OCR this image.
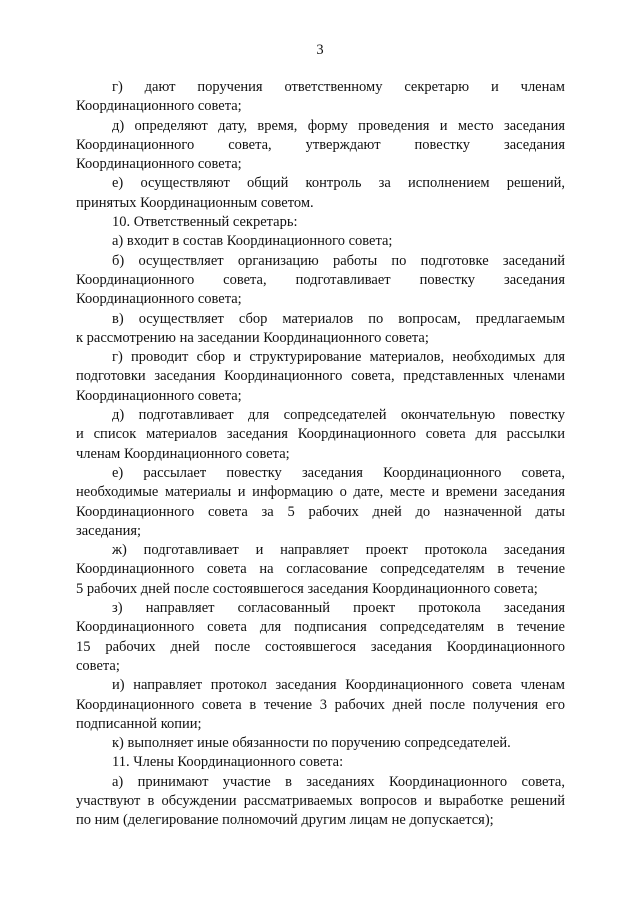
3
г) дают поручения ответственному секретарю и членам
Координационного совета;
д) определяют дату, время, форму проведения и место заседания
Координационного совета, утверждают повестку заседания
Координационного совета;
е) осуществляют общий контроль за исполнением решений,
принятых Координационным советом.
10. Ответственный секретарь:
а) входит в состав Координационного совета;
б) осуществляет организацию работы по подготовке заседаний
Координационного совета, подготавливает повестку заседания
Координационного совета;
в) осуществляет сбор материалов по вопросам, предлагаемым
к рассмотрению на заседании Координационного совета;
г) проводит сбор и структурирование материалов, необходимых для
подготовки заседания Координационного совета, представленных членами
Координационного совета;
д) подготавливает для сопредседателей окончательную повестку
и список материалов заседания Координационного совета для рассылки
членам Координационного совета;
е) рассылает повестку заседания Координационного совета,
необходимые материалы и информацию о дате, месте и времени заседания
Координационного совета за 5 рабочих дней до назначенной даты
заседания;
ж) подготавливает и направляет проект протокола заседания
Координационного совета на согласование сопредседателям в течение
5 рабочих дней после состоявшегося заседания Координационного совета;
з) направляет согласованный проект протокола заседания
Координационного совета для подписания сопредседателям в течение
15 рабочих дней после состоявшегося заседания Координационного
совета;
и) направляет протокол заседания Координационного совета членам
Координационного совета в течение 3 рабочих дней после получения его
подписанной копии;
к) выполняет иные обязанности по поручению сопредседателей.
11. Члены Координационного совета:
а) принимают участие в заседаниях Координационного совета,
участвуют в обсуждении рассматриваемых вопросов и выработке решений
по ним (делегирование полномочий другим лицам не допускается);
